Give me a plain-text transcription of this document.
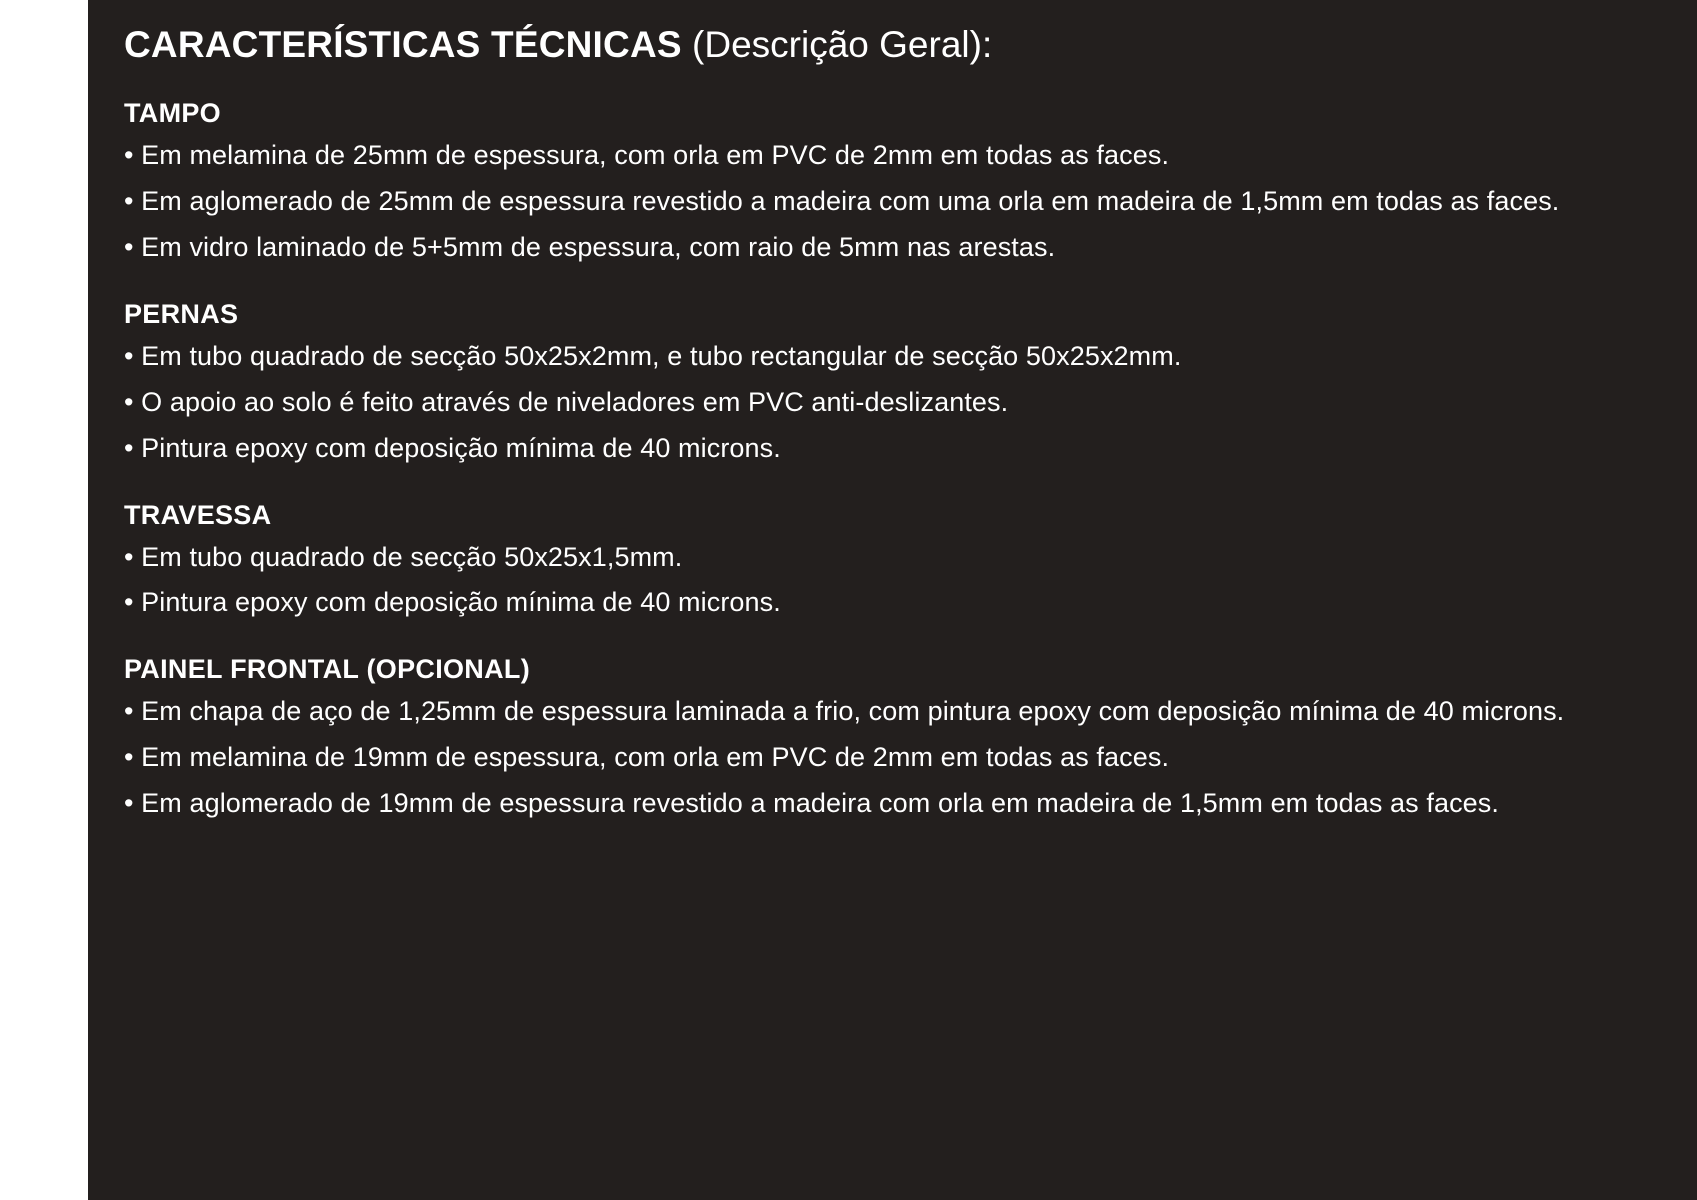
CARACTERÍSTICAS TÉCNICAS (Descrição Geral):
TAMPO
• Em melamina de 25mm de espessura, com orla em PVC de 2mm em todas as faces.
• Em aglomerado de 25mm de espessura revestido a madeira com uma orla em madeira de 1,5mm em todas as faces.
• Em vidro laminado de 5+5mm de espessura, com raio de 5mm nas arestas.
PERNAS
• Em tubo quadrado de secção 50x25x2mm, e tubo rectangular de secção 50x25x2mm.
• O apoio ao solo é feito através de niveladores em PVC anti-deslizantes.
• Pintura epoxy com deposição mínima de 40 microns.
TRAVESSA
• Em tubo quadrado de secção 50x25x1,5mm.
• Pintura epoxy com deposição mínima de 40 microns.
PAINEL FRONTAL (OPCIONAL)
• Em chapa de aço de 1,25mm de espessura laminada a frio, com pintura epoxy com deposição mínima de 40 microns.
• Em melamina de 19mm de espessura, com orla em PVC de 2mm em todas as faces.
• Em aglomerado de 19mm de espessura revestido a madeira com orla em madeira de 1,5mm em todas as faces.
